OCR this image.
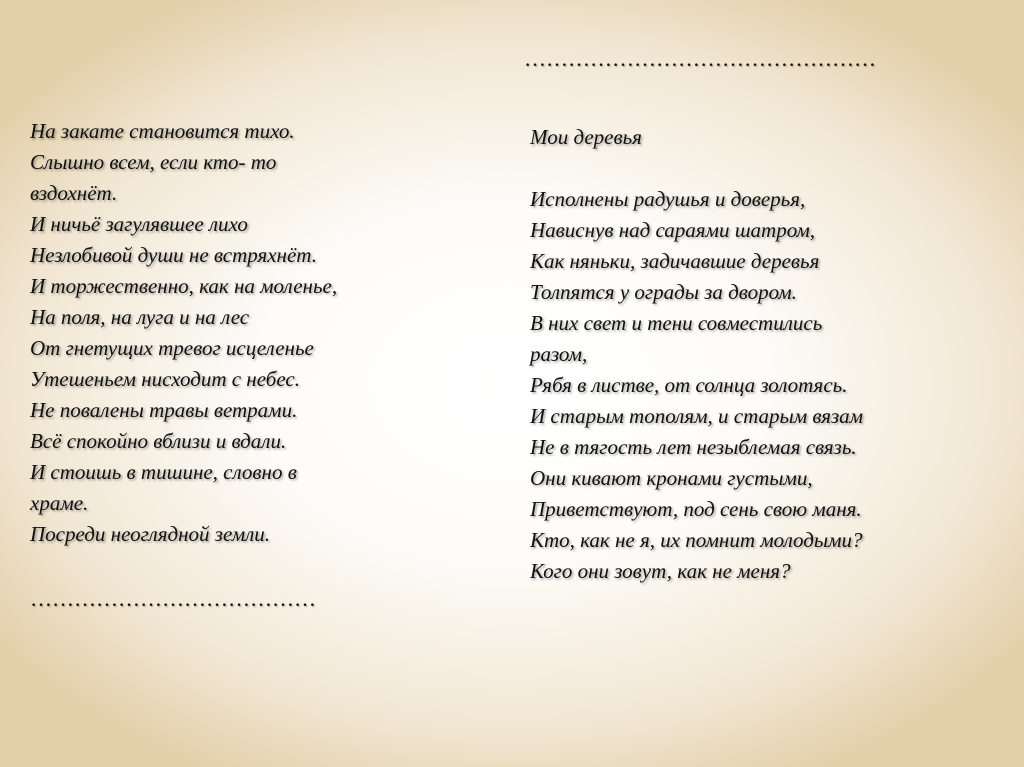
…………………………………………
На закате становится тихо.
Слышно всем, если кто- то
вздохнёт.
И ничьё загулявшее лихо
Незлобивой души не встряхнёт.
И торжественно, как на моленье,
На поля, на луга и на лес
От гнетущих тревог исцеленье
Утешеньем нисходит с небес.
Не повалены травы ветрами.
Всё спокойно вблизи и вдали.
И стоишь в тишине, словно в
храме.
Посреди неоглядной земли.
…………………………………
Мои деревья
Исполнены радушья и доверья,
Нависнув над сараями шатром,
Как няньки, задичавшие деревья
Толпятся у ограды за двором.
В них свет и тени совместились
разом,
Рябя в листве, от солнца золотясь.
И старым тополям, и старым вязам
Не в тягость лет незыблемая связь.
Они кивают кронами густыми,
Приветствуют, под сень свою маня.
Кто, как не я, их помнит молодыми?
Кого они зовут, как не меня?
